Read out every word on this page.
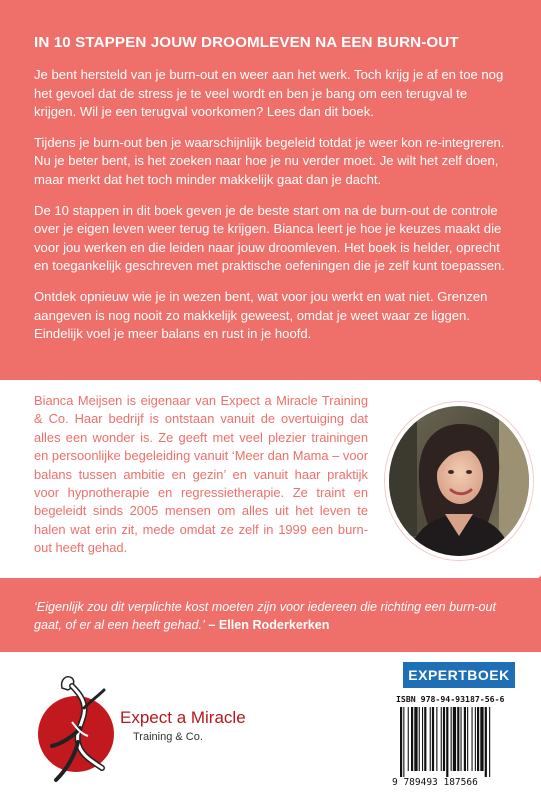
IN 10 STAPPEN JOUW DROOMLEVEN NA EEN BURN-OUT

Je bent hersteld van je burn-out en weer aan het werk. Toch krijg je af en toe nog het gevoel dat de stress je te veel wordt en ben je bang om een terugval te krijgen. Wil je een terugval voorkomen? Lees dan dit boek.

Tijdens je burn-out ben je waarschijnlijk begeleid totdat je weer kon re-integreren. Nu je beter bent, is het zoeken naar hoe je nu verder moet. Je wilt het zelf doen, maar merkt dat het toch minder makkelijk gaat dan je dacht.

De 10 stappen in dit boek geven je de beste start om na de burn-out de controle over je eigen leven weer terug te krijgen. Bianca leert je hoe je keuzes maakt die voor jou werken en die leiden naar jouw droomleven. Het boek is helder, oprecht en toegankelijk geschreven met praktische oefeningen die je zelf kunt toepassen.

Ontdek opnieuw wie je in wezen bent, wat voor jou werkt en wat niet. Grenzen aangeven is nog nooit zo makkelijk geweest, omdat je weet waar ze liggen. Eindelijk voel je meer balans en rust in je hoofd.

Bianca Meijsen is eigenaar van Expect a Miracle Training & Co. Haar bedrijf is ontstaan vanuit de overtuiging dat alles een wonder is. Ze geeft met veel plezier trainingen en persoonlijke begeleiding vanuit ‘Meer dan Mama – voor balans tussen ambitie en gezin’ en vanuit haar praktijk voor hypnotherapie en regressietherapie. Ze traint en begeleidt sinds 2005 mensen om alles uit het leven te halen wat erin zit, mede omdat ze zelf in 1999 een burn-out heeft gehad.
‘Eigenlijk zou dit verplichte kost moeten zijn voor iedereen die richting een burn-out gaat, of er al een heeft gehad.’ – Ellen Roderkerken
Expect a Miracle
Training & Co.
EXPERTBOEK
ISBN 978-94-93187-56-6
9 789493 187566
